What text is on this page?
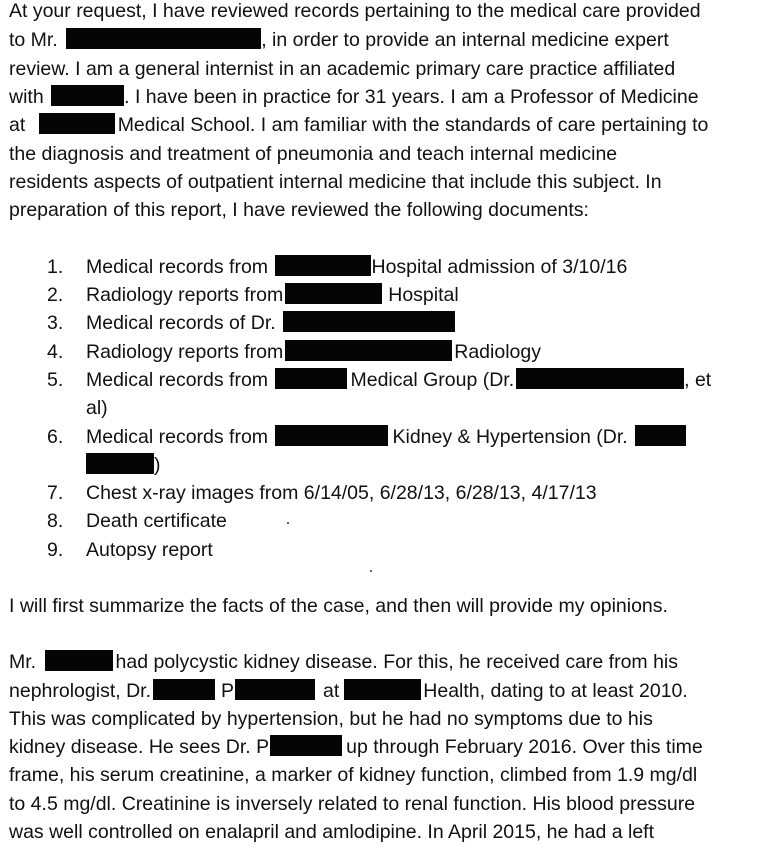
At your request, I have reviewed records pertaining to the medical care provided
to Mr.	, in order to provide an internal medicine expert
review. I am a general internist in an academic primary care practice affiliated
with	. I have been in practice for 31 years. I am a Professor of Medicine
at	Medical School. I am familiar with the standards of care pertaining to
the diagnosis and treatment of pneumonia and teach internal medicine
residents aspects of outpatient internal medicine that include this subject. In
preparation of this report, I have reviewed the following documents:
1. Medical records from	Hospital admission of 3/10/16
2. Radiology reports from	Hospital
3. Medical records of Dr.
4. Radiology reports from	Radiology
5. Medical records from	Medical Group (Dr.	, et
al)
6. Medical records from	Kidney & Hypertension (Dr.
)
7. Chest x-ray images from 6/14/05, 6/28/13, 6/28/13, 4/17/13
8. Death certificate
9. Autopsy report
I will first summarize the facts of the case, and then will provide my opinions.
Mr.	had polycystic kidney disease. For this, he received care from his
nephrologist, Dr.	P	at	Health, dating to at least 2010.
This was complicated by hypertension, but he had no symptoms due to his
kidney disease. He sees Dr. P	up through February 2016. Over this time
frame, his serum creatinine, a marker of kidney function, climbed from 1.9 mg/dl
to 4.5 mg/dl. Creatinine is inversely related to renal function. His blood pressure
was well controlled on enalapril and amlodipine. In April 2015, he had a left
